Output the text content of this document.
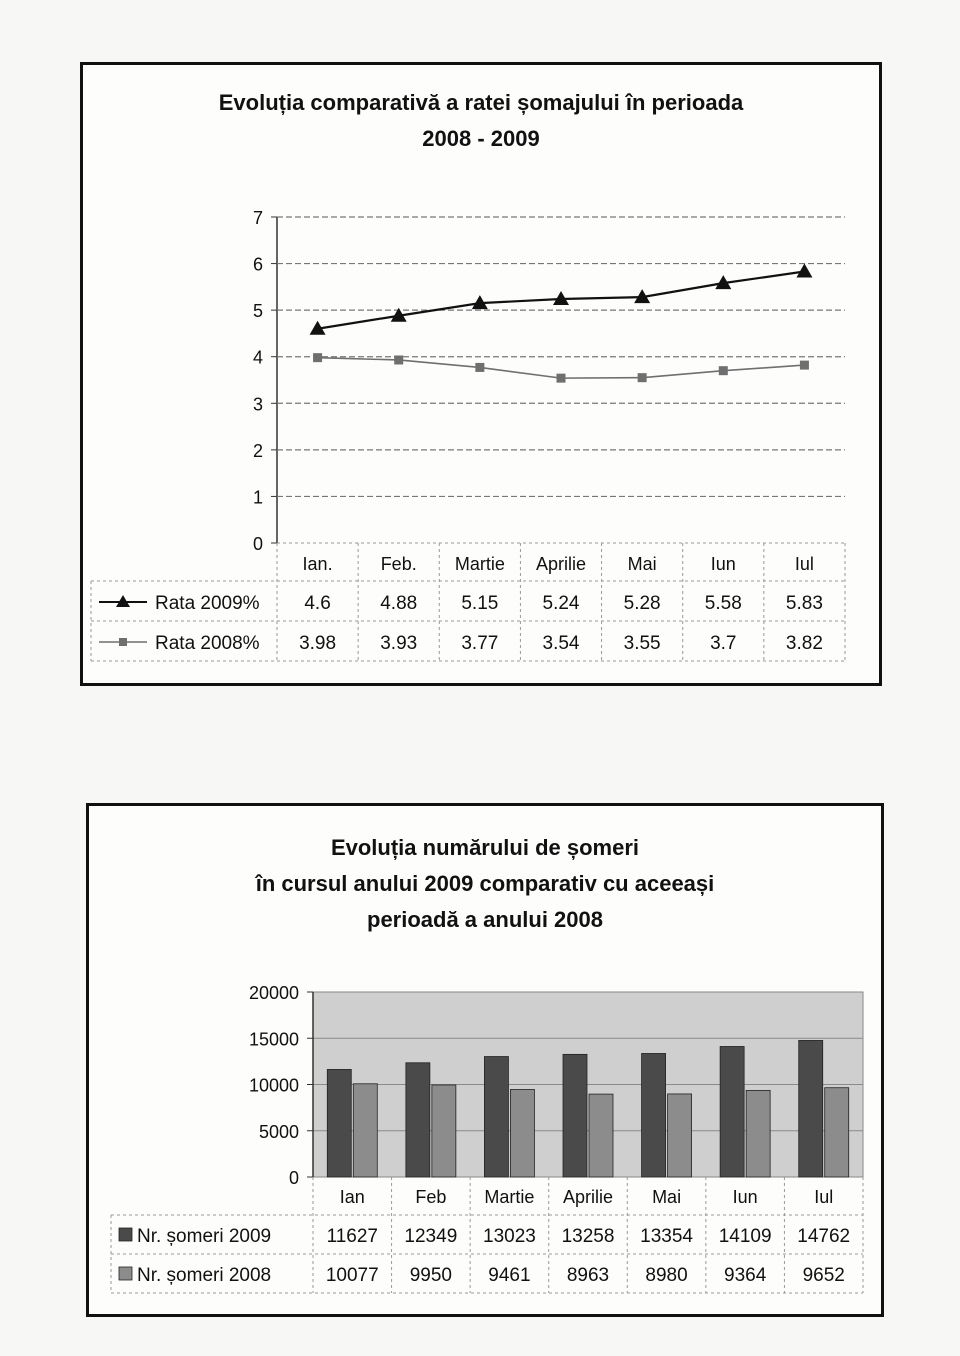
Evoluția comparativă a ratei șomajului în perioada
2008 - 2009
0
1
2
3
4
5
6
7
Ian.	Feb. Martie Aprilie Mai	Iun	Iul
Rata 2009% 4.6	4.88 5.15 5.24 5.28 5.58 5.83
Rata 2008% 3.98 3.93 3.77 3.54 3.55	3.7	3.82
Evoluția numărului de șomeri
în cursul anului 2009 comparativ cu aceeași
perioadă a anului 2008
0
5000
10000
15000
20000
Ian	Feb Martie Aprilie Mai	Iun	Iul
Nr. șomeri 2009	11627 12349 13023 13258 13354 14109 14762
Nr. șomeri 2008	10077 9950 9461 8963 8980 9364 9652
